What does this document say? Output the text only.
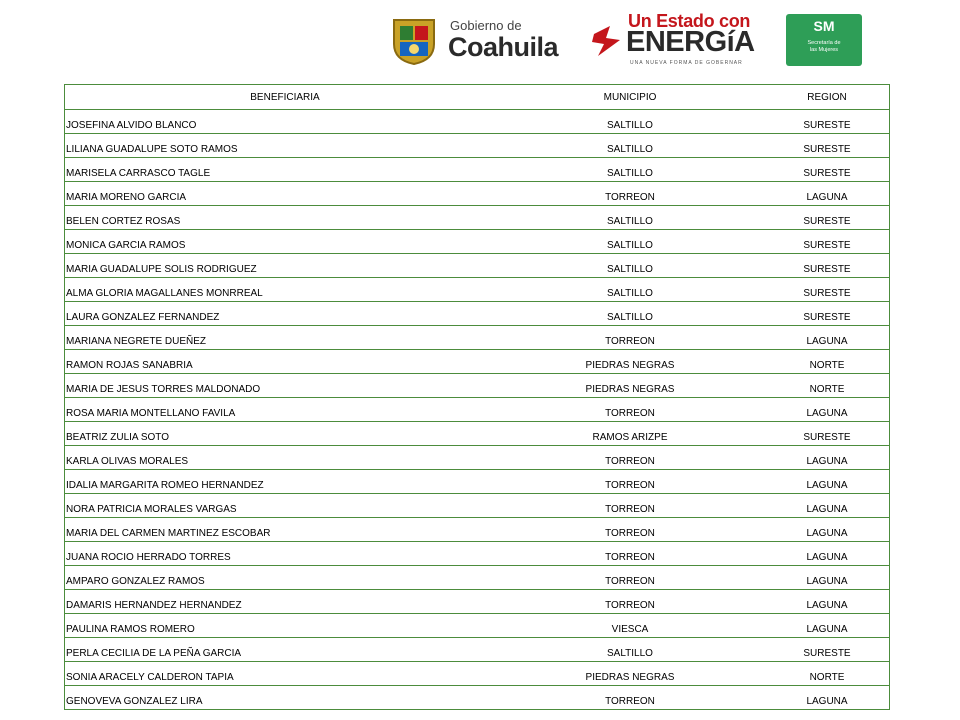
Gobierno de
Coahuila
Un Estado con
ENERGíA
UNA NUEVA FORMA DE GOBERNAR
SM
Secretaría de
las Mujeres
BENEFICIARIA	MUNICIPIO	REGION
JOSEFINA ALVIDO BLANCO	SALTILLO	SURESTE
LILIANA GUADALUPE SOTO RAMOS	SALTILLO	SURESTE
MARISELA CARRASCO TAGLE	SALTILLO	SURESTE
MARIA MORENO GARCIA	TORREON	LAGUNA
BELEN CORTEZ ROSAS	SALTILLO	SURESTE
MONICA GARCIA RAMOS	SALTILLO	SURESTE
MARIA GUADALUPE SOLIS RODRIGUEZ	SALTILLO	SURESTE
ALMA GLORIA MAGALLANES MONRREAL	SALTILLO	SURESTE
LAURA GONZALEZ FERNANDEZ	SALTILLO	SURESTE
MARIANA NEGRETE DUEÑEZ	TORREON	LAGUNA
RAMON ROJAS SANABRIA	PIEDRAS NEGRAS	NORTE
MARIA DE JESUS TORRES MALDONADO	PIEDRAS NEGRAS	NORTE
ROSA MARIA MONTELLANO FAVILA	TORREON	LAGUNA
BEATRIZ ZULIA SOTO	RAMOS ARIZPE	SURESTE
KARLA OLIVAS MORALES	TORREON	LAGUNA
IDALIA MARGARITA ROMEO HERNANDEZ	TORREON	LAGUNA
NORA PATRICIA MORALES VARGAS	TORREON	LAGUNA
MARIA DEL CARMEN MARTINEZ ESCOBAR	TORREON	LAGUNA
JUANA ROCIO HERRADO TORRES	TORREON	LAGUNA
AMPARO GONZALEZ RAMOS	TORREON	LAGUNA
DAMARIS HERNANDEZ HERNANDEZ	TORREON	LAGUNA
PAULINA RAMOS ROMERO	VIESCA	LAGUNA
PERLA CECILIA DE LA PEÑA GARCIA	SALTILLO	SURESTE
SONIA ARACELY CALDERON TAPIA	PIEDRAS NEGRAS	NORTE
GENOVEVA GONZALEZ LIRA	TORREON	LAGUNA
